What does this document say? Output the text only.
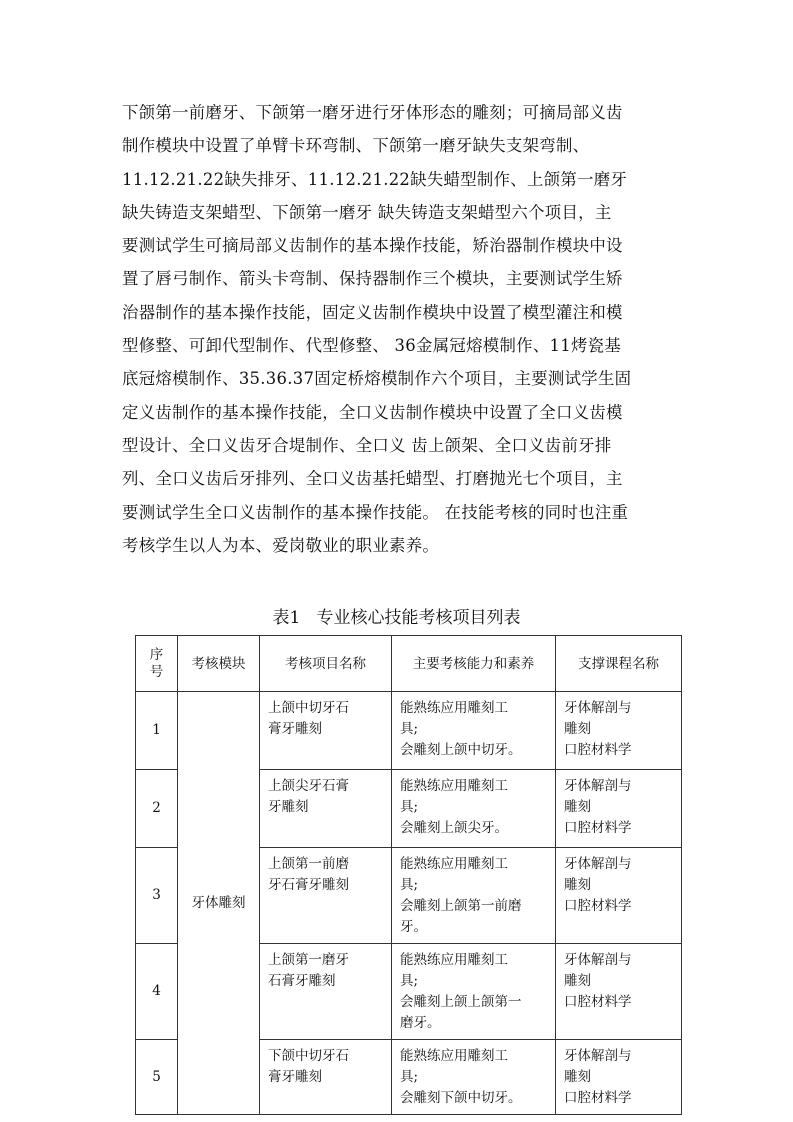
下颌第一前磨牙、下颌第一磨牙进行牙体形态的雕刻；可摘局部义齿
制作模块中设置了单臂卡环弯制、下颌第一磨牙缺失支架弯制、
11.12.21.22缺失排牙、11.12.21.22缺失蜡型制作、上颌第一磨牙
缺失铸造支架蜡型、下颌第一磨牙 缺失铸造支架蜡型六个项目，主
要测试学生可摘局部义齿制作的基本操作技能，矫治器制作模块中设
置了唇弓制作、箭头卡弯制、保持器制作三个模块，主要测试学生矫
治器制作的基本操作技能，固定义齿制作模块中设置了模型灌注和模
型修整、可卸代型制作、代型修整、 36金属冠熔模制作、11烤瓷基
底冠熔模制作、35.36.37固定桥熔模制作六个项目，主要测试学生固
定义齿制作的基本操作技能，全口义齿制作模块中设置了全口义齿模
型设计、全口义齿牙合堤制作、全口义 齿上颌架、全口义齿前牙排
列、全口义齿后牙排列、全口义齿基托蜡型、打磨抛光七个项目，主
要测试学生全口义齿制作的基本操作技能。 在技能考核的同时也注重
考核学生以人为本、爱岗敬业的职业素养。

表1   专业核心技能考核项目列表

序
号	考核模块	考核项目名称	主要考核能力和素养	支撑课程名称
1	牙体雕刻	上颌中切牙石
膏牙雕刻	能熟练应用雕刻工
具;
会雕刻上颌中切牙。	牙体解剖与
雕刻
口腔材料学

2		上颌尖牙石膏
牙雕刻	能熟练应用雕刻工
具;
会雕刻上颌尖牙。	牙体解剖与
雕刻
口腔材料学

3		上颌第一前磨
牙石膏牙雕刻	能熟练应用雕刻工
具;
会雕刻上颌第一前磨
牙。	牙体解剖与
雕刻
口腔材料学

4		上颌第一磨牙
石膏牙雕刻	能熟练应用雕刻工
具;
会雕刻上颌上颌第一
磨牙。	牙体解剖与
雕刻
口腔材料学

5		下颌中切牙石
膏牙雕刻	能熟练应用雕刻工
具;
会雕刻下颌中切牙。	牙体解剖与
雕刻
口腔材料学
